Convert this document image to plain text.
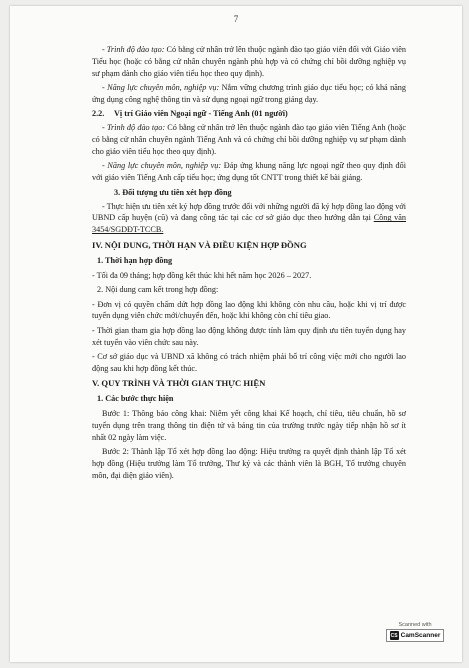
7

- Trình độ đào tạo: Có bằng cử nhân trở lên thuộc ngành đào tạo giáo viên đối với Giáo viên Tiểu học (hoặc có bằng cử nhân chuyên ngành phù hợp và có chứng chỉ bồi dưỡng nghiệp vụ sư phạm dành cho giáo viên tiểu học theo quy định).

- Năng lực chuyên môn, nghiệp vụ: Nắm vững chương trình giáo dục tiểu học; có khả năng ứng dụng công nghệ thông tin và sử dụng ngoại ngữ trong giảng dạy.

2.2. Vị trí Giáo viên Ngoại ngữ - Tiếng Anh (01 người)

- Trình độ đào tạo: Có bằng cử nhân trở lên thuộc ngành đào tạo giáo viên Tiếng Anh (hoặc có bằng cử nhân chuyên ngành Tiếng Anh và có chứng chỉ bồi dưỡng nghiệp vụ sư phạm dành cho giáo viên tiểu học theo quy định).

- Năng lực chuyên môn, nghiệp vụ: Đáp ứng khung năng lực ngoại ngữ theo quy định đối với giáo viên Tiếng Anh cấp tiểu học; ứng dụng tốt CNTT trong thiết kế bài giảng.

3. Đối tượng ưu tiên xét hợp đồng

- Thực hiện ưu tiên xét ký hợp đồng trước đối với những người đã ký hợp đồng lao động với UBND cấp huyện (cũ) và đang công tác tại các cơ sở giáo dục theo hướng dẫn tại Công văn 3454/SGDĐT-TCCB.

IV. NỘI DUNG, THỜI HẠN VÀ ĐIỀU KIỆN HỢP ĐỒNG
1. Thời hạn hợp đồng

- Tối đa 09 tháng; hợp đồng kết thúc khi hết năm học 2026 – 2027.

2. Nội dung cam kết trong hợp đồng:

- Đơn vị có quyền chấm dứt hợp đồng lao động khi không còn nhu cầu, hoặc khi vị trí được tuyển dụng viên chức mới/chuyển đến, hoặc khi không còn chỉ tiêu giao.

- Thời gian tham gia hợp đồng lao động không được tính làm quy định ưu tiên tuyển dụng hay xét tuyển vào viên chức sau này.

- Cơ sở giáo dục và UBND xã không có trách nhiệm phải bố trí công việc mới cho người lao động sau khi hợp đồng kết thúc.

V. QUY TRÌNH VÀ THỜI GIAN THỰC HIỆN
1. Các bước thực hiện

Bước 1: Thông báo công khai: Niêm yết công khai Kế hoạch, chỉ tiêu, tiêu chuẩn, hồ sơ tuyển dụng trên trang thông tin điện tử và bảng tin của trường trước ngày tiếp nhận hồ sơ ít nhất 02 ngày làm việc.

Bước 2: Thành lập Tổ xét hợp đồng lao động: Hiệu trưởng ra quyết định thành lập Tổ xét hợp đồng (Hiệu trưởng làm Tổ trưởng, Thư ký và các thành viên là BGH, Tổ trưởng chuyên môn, đại diện giáo viên).

Scanned with
CS CamScanner
